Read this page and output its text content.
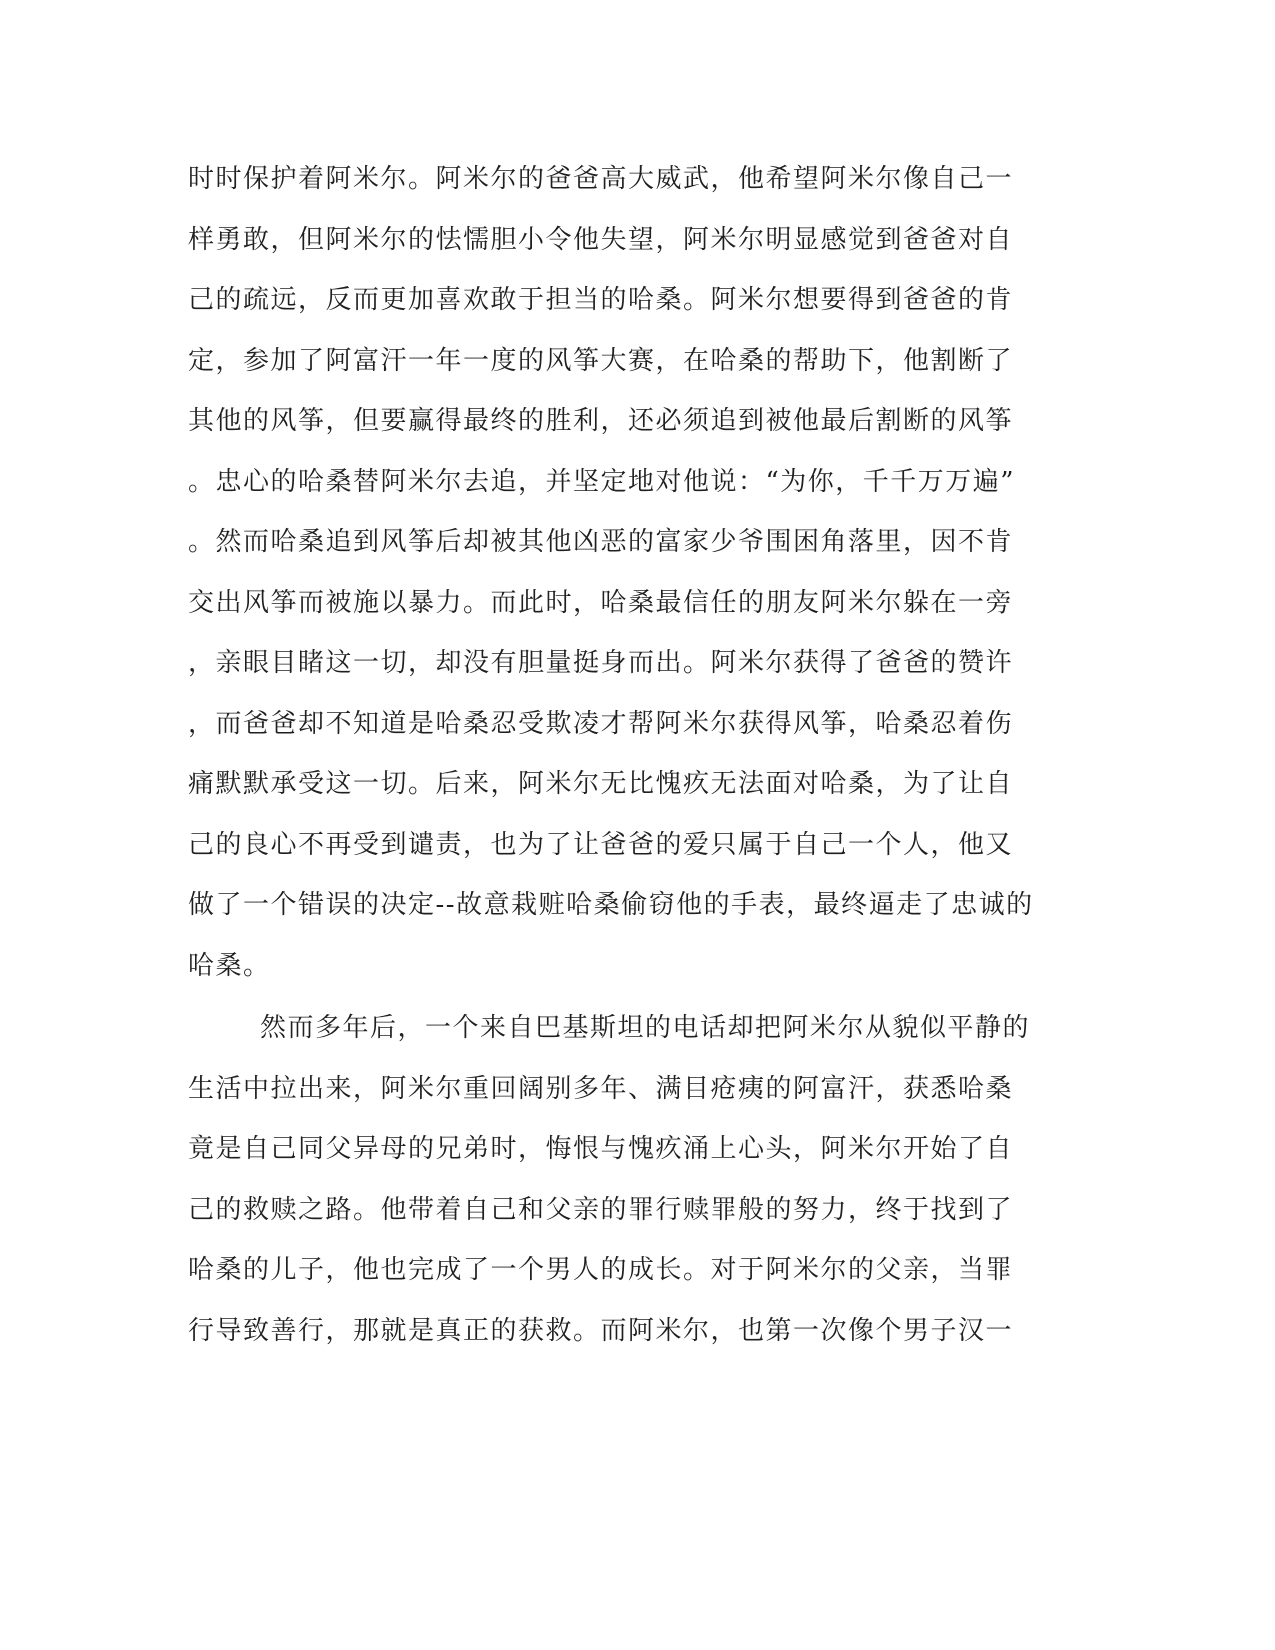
时时保护着阿米尔。阿米尔的爸爸高大威武，他希望阿米尔像自己一
样勇敢，但阿米尔的怯懦胆小令他失望，阿米尔明显感觉到爸爸对自
己的疏远，反而更加喜欢敢于担当的哈桑。阿米尔想要得到爸爸的肯
定，参加了阿富汗一年一度的风筝大赛，在哈桑的帮助下，他割断了
其他的风筝，但要赢得最终的胜利，还必须追到被他最后割断的风筝
。忠心的哈桑替阿米尔去追，并坚定地对他说：“为你，千千万万遍”
。然而哈桑追到风筝后却被其他凶恶的富家少爷围困角落里，因不肯
交出风筝而被施以暴力。而此时，哈桑最信任的朋友阿米尔躲在一旁
，亲眼目睹这一切，却没有胆量挺身而出。阿米尔获得了爸爸的赞许
，而爸爸却不知道是哈桑忍受欺凌才帮阿米尔获得风筝，哈桑忍着伤
痛默默承受这一切。后来，阿米尔无比愧疚无法面对哈桑，为了让自
己的良心不再受到谴责，也为了让爸爸的爱只属于自己一个人，他又
做了一个错误的决定--故意栽赃哈桑偷窃他的手表，最终逼走了忠诚的
哈桑。
然而多年后，一个来自巴基斯坦的电话却把阿米尔从貌似平静的
生活中拉出来，阿米尔重回阔别多年、满目疮痍的阿富汗，获悉哈桑
竟是自己同父异母的兄弟时，悔恨与愧疚涌上心头，阿米尔开始了自
己的救赎之路。他带着自己和父亲的罪行赎罪般的努力，终于找到了
哈桑的儿子，他也完成了一个男人的成长。对于阿米尔的父亲，当罪
行导致善行，那就是真正的获救。而阿米尔，也第一次像个男子汉一
